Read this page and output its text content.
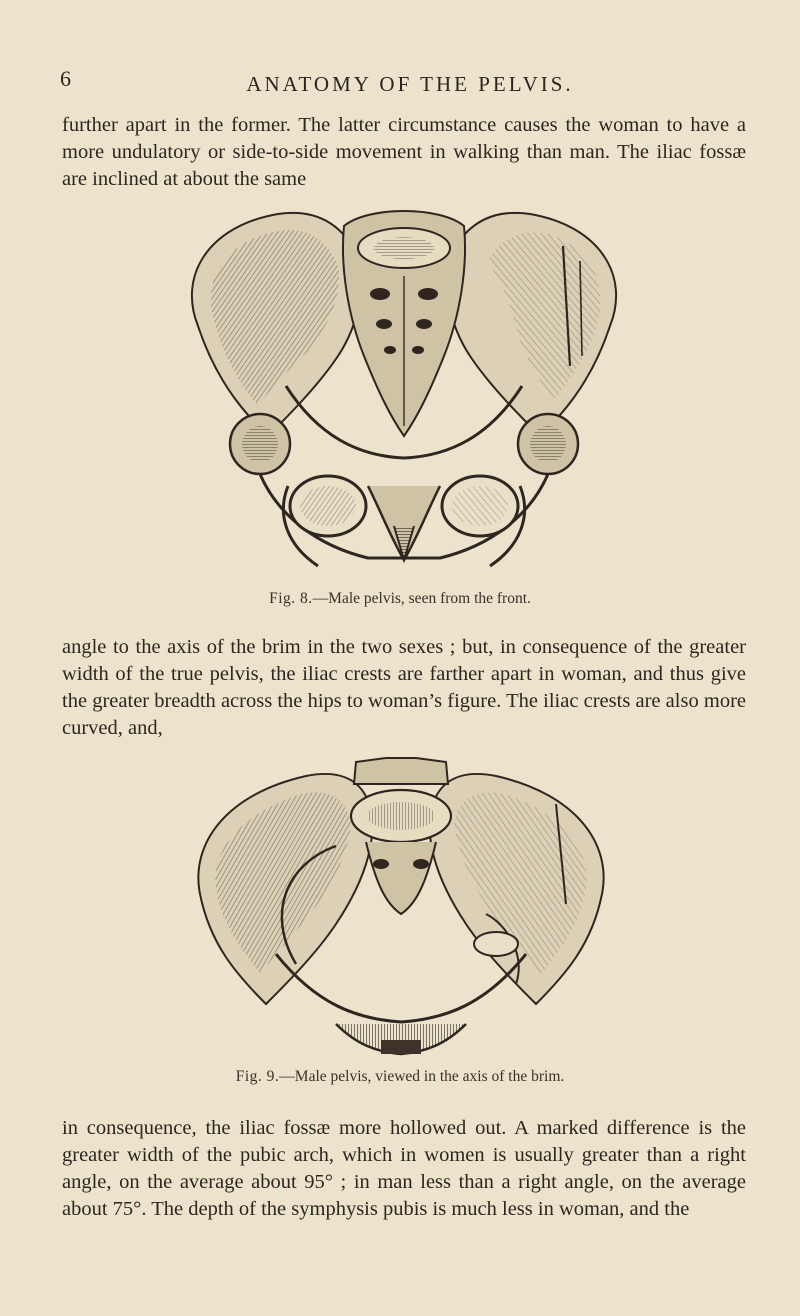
6	ANATOMY OF THE PELVIS.

further apart in the former. The latter circumstance causes the woman to have a more undulatory or side-to-side movement in walking than man. The iliac fossæ are inclined at about the same

Fig. 8.—Male pelvis, seen from the front.

angle to the axis of the brim in the two sexes ; but, in consequence of the greater width of the true pelvis, the iliac crests are farther apart in woman, and thus give the greater breadth across the hips to woman’s figure. The iliac crests are also more curved, and,

Fig. 9.—Male pelvis, viewed in the axis of the brim.

in consequence, the iliac fossæ more hollowed out. A marked difference is the greater width of the pubic arch, which in women is usually greater than a right angle, on the average about 95° ; in man less than a right angle, on the average about 75°. The depth of the symphysis pubis is much less in woman, and the
